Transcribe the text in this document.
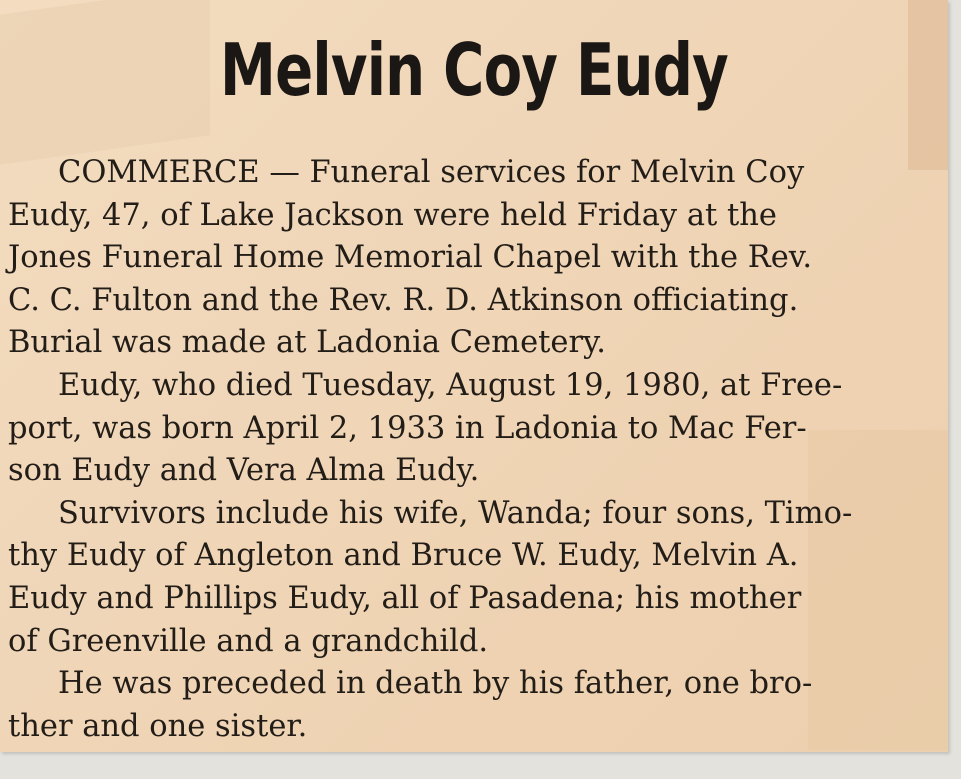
Melvin Coy Eudy
COMMERCE — Funeral services for Melvin Coy
Eudy, 47, of Lake Jackson were held Friday at the
Jones Funeral Home Memorial Chapel with the Rev.
C. C. Fulton and the Rev. R. D. Atkinson officiating.
Burial was made at Ladonia Cemetery.
Eudy, who died Tuesday, August 19, 1980, at Free-
port, was born April 2, 1933 in Ladonia to Mac Fer-
son Eudy and Vera Alma Eudy.
Survivors include his wife, Wanda; four sons, Timo-
thy Eudy of Angleton and Bruce W. Eudy, Melvin A.
Eudy and Phillips Eudy, all of Pasadena; his mother
of Greenville and a grandchild.
He was preceded in death by his father, one bro-
ther and one sister.
